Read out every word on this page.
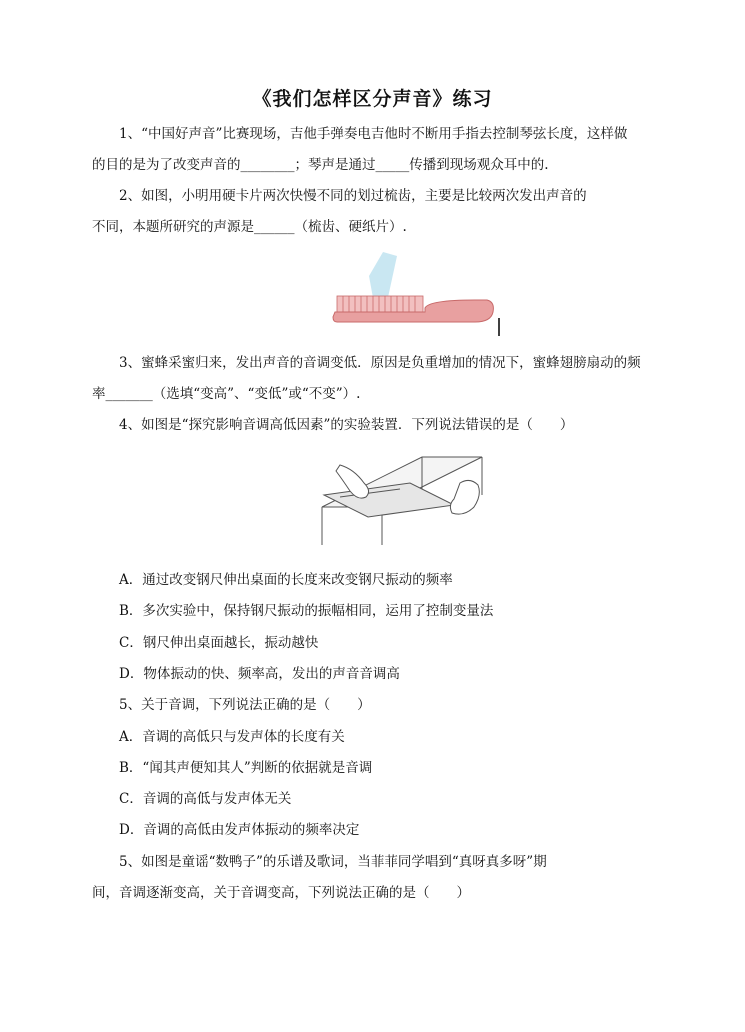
《我们怎样区分声音》练习
1、“中国好声音”比赛现场，吉他手弹奏电吉他时不断用手指去控制琴弦长度，这样做
的目的是为了改变声音的________；琴声是通过_____传播到现场观众耳中的.
2、如图，小明用硬卡片两次快慢不同的划过梳齿，主要是比较两次发出声音的
不同，本题所研究的声源是______（梳齿、硬纸片）.
3、蜜蜂采蜜归来，发出声音的音调变低．原因是负重增加的情况下，蜜蜂翅膀扇动的频
率_______（选填“变高”、“变低”或“不变”）.
4、如图是“探究影响音调高低因素”的实验装置．下列说法错误的是（　　）
A．通过改变钢尺伸出桌面的长度来改变钢尺振动的频率
B．多次实验中，保持钢尺振动的振幅相同，运用了控制变量法
C．钢尺伸出桌面越长，振动越快
D．物体振动的快、频率高，发出的声音音调高
5、关于音调，下列说法正确的是（　　）
A．音调的高低只与发声体的长度有关
B．“闻其声便知其人”判断的依据就是音调
C．音调的高低与发声体无关
D．音调的高低由发声体振动的频率决定
5、如图是童谣“数鸭子”的乐谱及歌词，当菲菲同学唱到“真呀真多呀”期
间，音调逐渐变高，关于音调变高，下列说法正确的是（　　）
